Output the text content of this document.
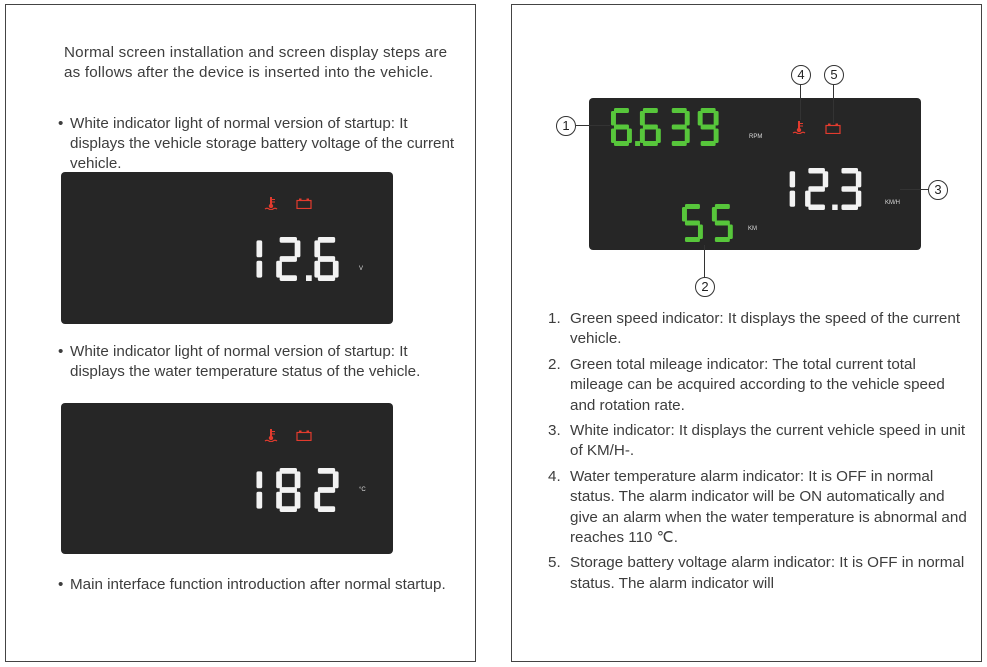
Normal screen installation and screen display steps are as follows after the device is inserted into the vehicle.
• White indicator light of normal version of startup: It displays the vehicle storage battery voltage of the current vehicle.
V
• White indicator light of normal version of startup: It displays the water temperature status of the vehicle.
°C
• Main interface function introduction after normal startup.
RPM
KM/H
KM
1
2
3
4	5
1. Green speed indicator: It displays the speed of the current vehicle.
2. Green total mileage indicator: The total current total mileage can be acquired according to the vehicle speed and rotation rate.
3. White indicator: It displays the current vehicle speed in unit of KM/H-.
4. Water temperature alarm indicator: It is OFF in normal status. The alarm indicator will be ON automatically and give an alarm when the water temperature is abnormal and reaches 110 ℃.
5. Storage battery voltage alarm indicator: It is OFF in normal status. The alarm indicator will
